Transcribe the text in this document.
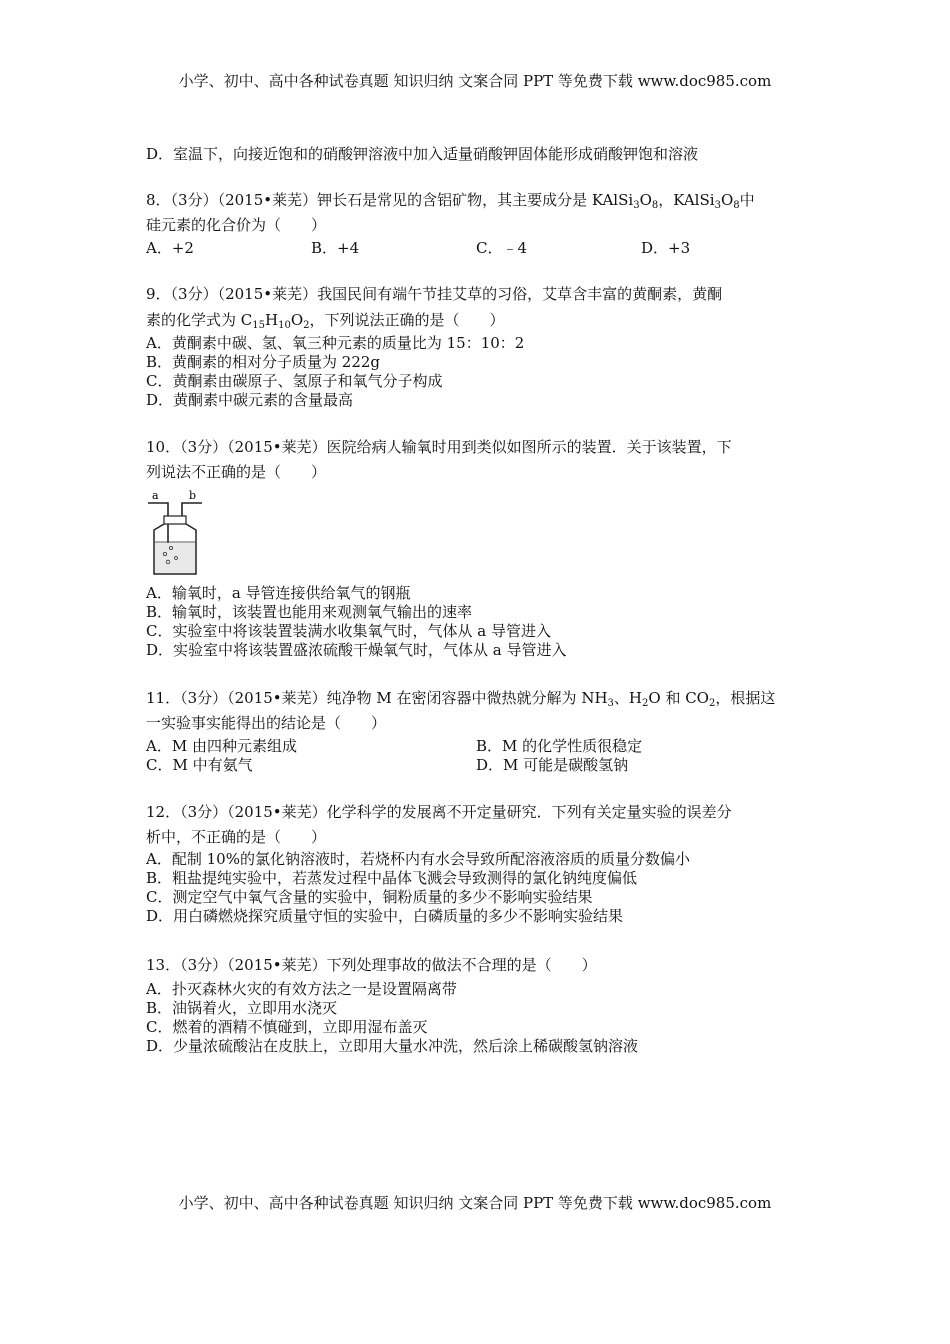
小学、初中、高中各种试卷真题 知识归纳 文案合同 PPT 等免费下载 www.doc985.com
D．室温下，向接近饱和的硝酸钾溶液中加入适量硝酸钾固体能形成硝酸钾饱和溶液
8．（3分）（2015•莱芜）钾长石是常见的含铝矿物，其主要成分是 $KAlSi_3O_8$，$KAlSi_3O_8$中
硅元素的化合价为（　　）
A．+2	B．+4	C．﹣4	D．+3
9．（3分）（2015•莱芜）我国民间有端午节挂艾草的习俗，艾草含丰富的黄酮素，黄酮
素的化学式为 $C_{15}H_{10}O_2$，下列说法正确的是（　　）
A．黄酮素中碳、氢、氧三种元素的质量比为 15：10：2
B．黄酮素的相对分子质量为 222g
C．黄酮素由碳原子、氢原子和氧气分子构成
D．黄酮素中碳元素的含量最高
10．（3分）（2015•莱芜）医院给病人输氧时用到类似如图所示的装置．关于该装置，下
列说法不正确的是（　　）
a	b
A．输氧时，a 导管连接供给氧气的钢瓶
B．输氧时，该装置也能用来观测氧气输出的速率
C．实验室中将该装置装满水收集氧气时，气体从 a 导管进入
D．实验室中将该装置盛浓硫酸干燥氧气时，气体从 a 导管进入
11．（3分）（2015•莱芜）纯净物 M 在密闭容器中微热就分解为 $NH_3$、$H_2O$ 和 $CO_2$，根据这
一实验事实能得出的结论是（　　）
A．M 由四种元素组成	B．M 的化学性质很稳定
C．M 中有氨气	D．M 可能是碳酸氢钠
12．（3分）（2015•莱芜）化学科学的发展离不开定量研究．下列有关定量实验的误差分
析中，不正确的是（　　）
A．配制 10%的氯化钠溶液时，若烧杯内有水会导致所配溶液溶质的质量分数偏小
B．粗盐提纯实验中，若蒸发过程中晶体飞溅会导致测得的氯化钠纯度偏低
C．测定空气中氧气含量的实验中，铜粉质量的多少不影响实验结果
D．用白磷燃烧探究质量守恒的实验中，白磷质量的多少不影响实验结果
13．（3分）（2015•莱芜）下列处理事故的做法不合理的是（　　）
A．扑灭森林火灾的有效方法之一是设置隔离带
B．油锅着火，立即用水浇灭
C．燃着的酒精不慎碰到，立即用湿布盖灭
D．少量浓硫酸沾在皮肤上，立即用大量水冲洗，然后涂上稀碳酸氢钠溶液
小学、初中、高中各种试卷真题 知识归纳 文案合同 PPT 等免费下载 www.doc985.com
